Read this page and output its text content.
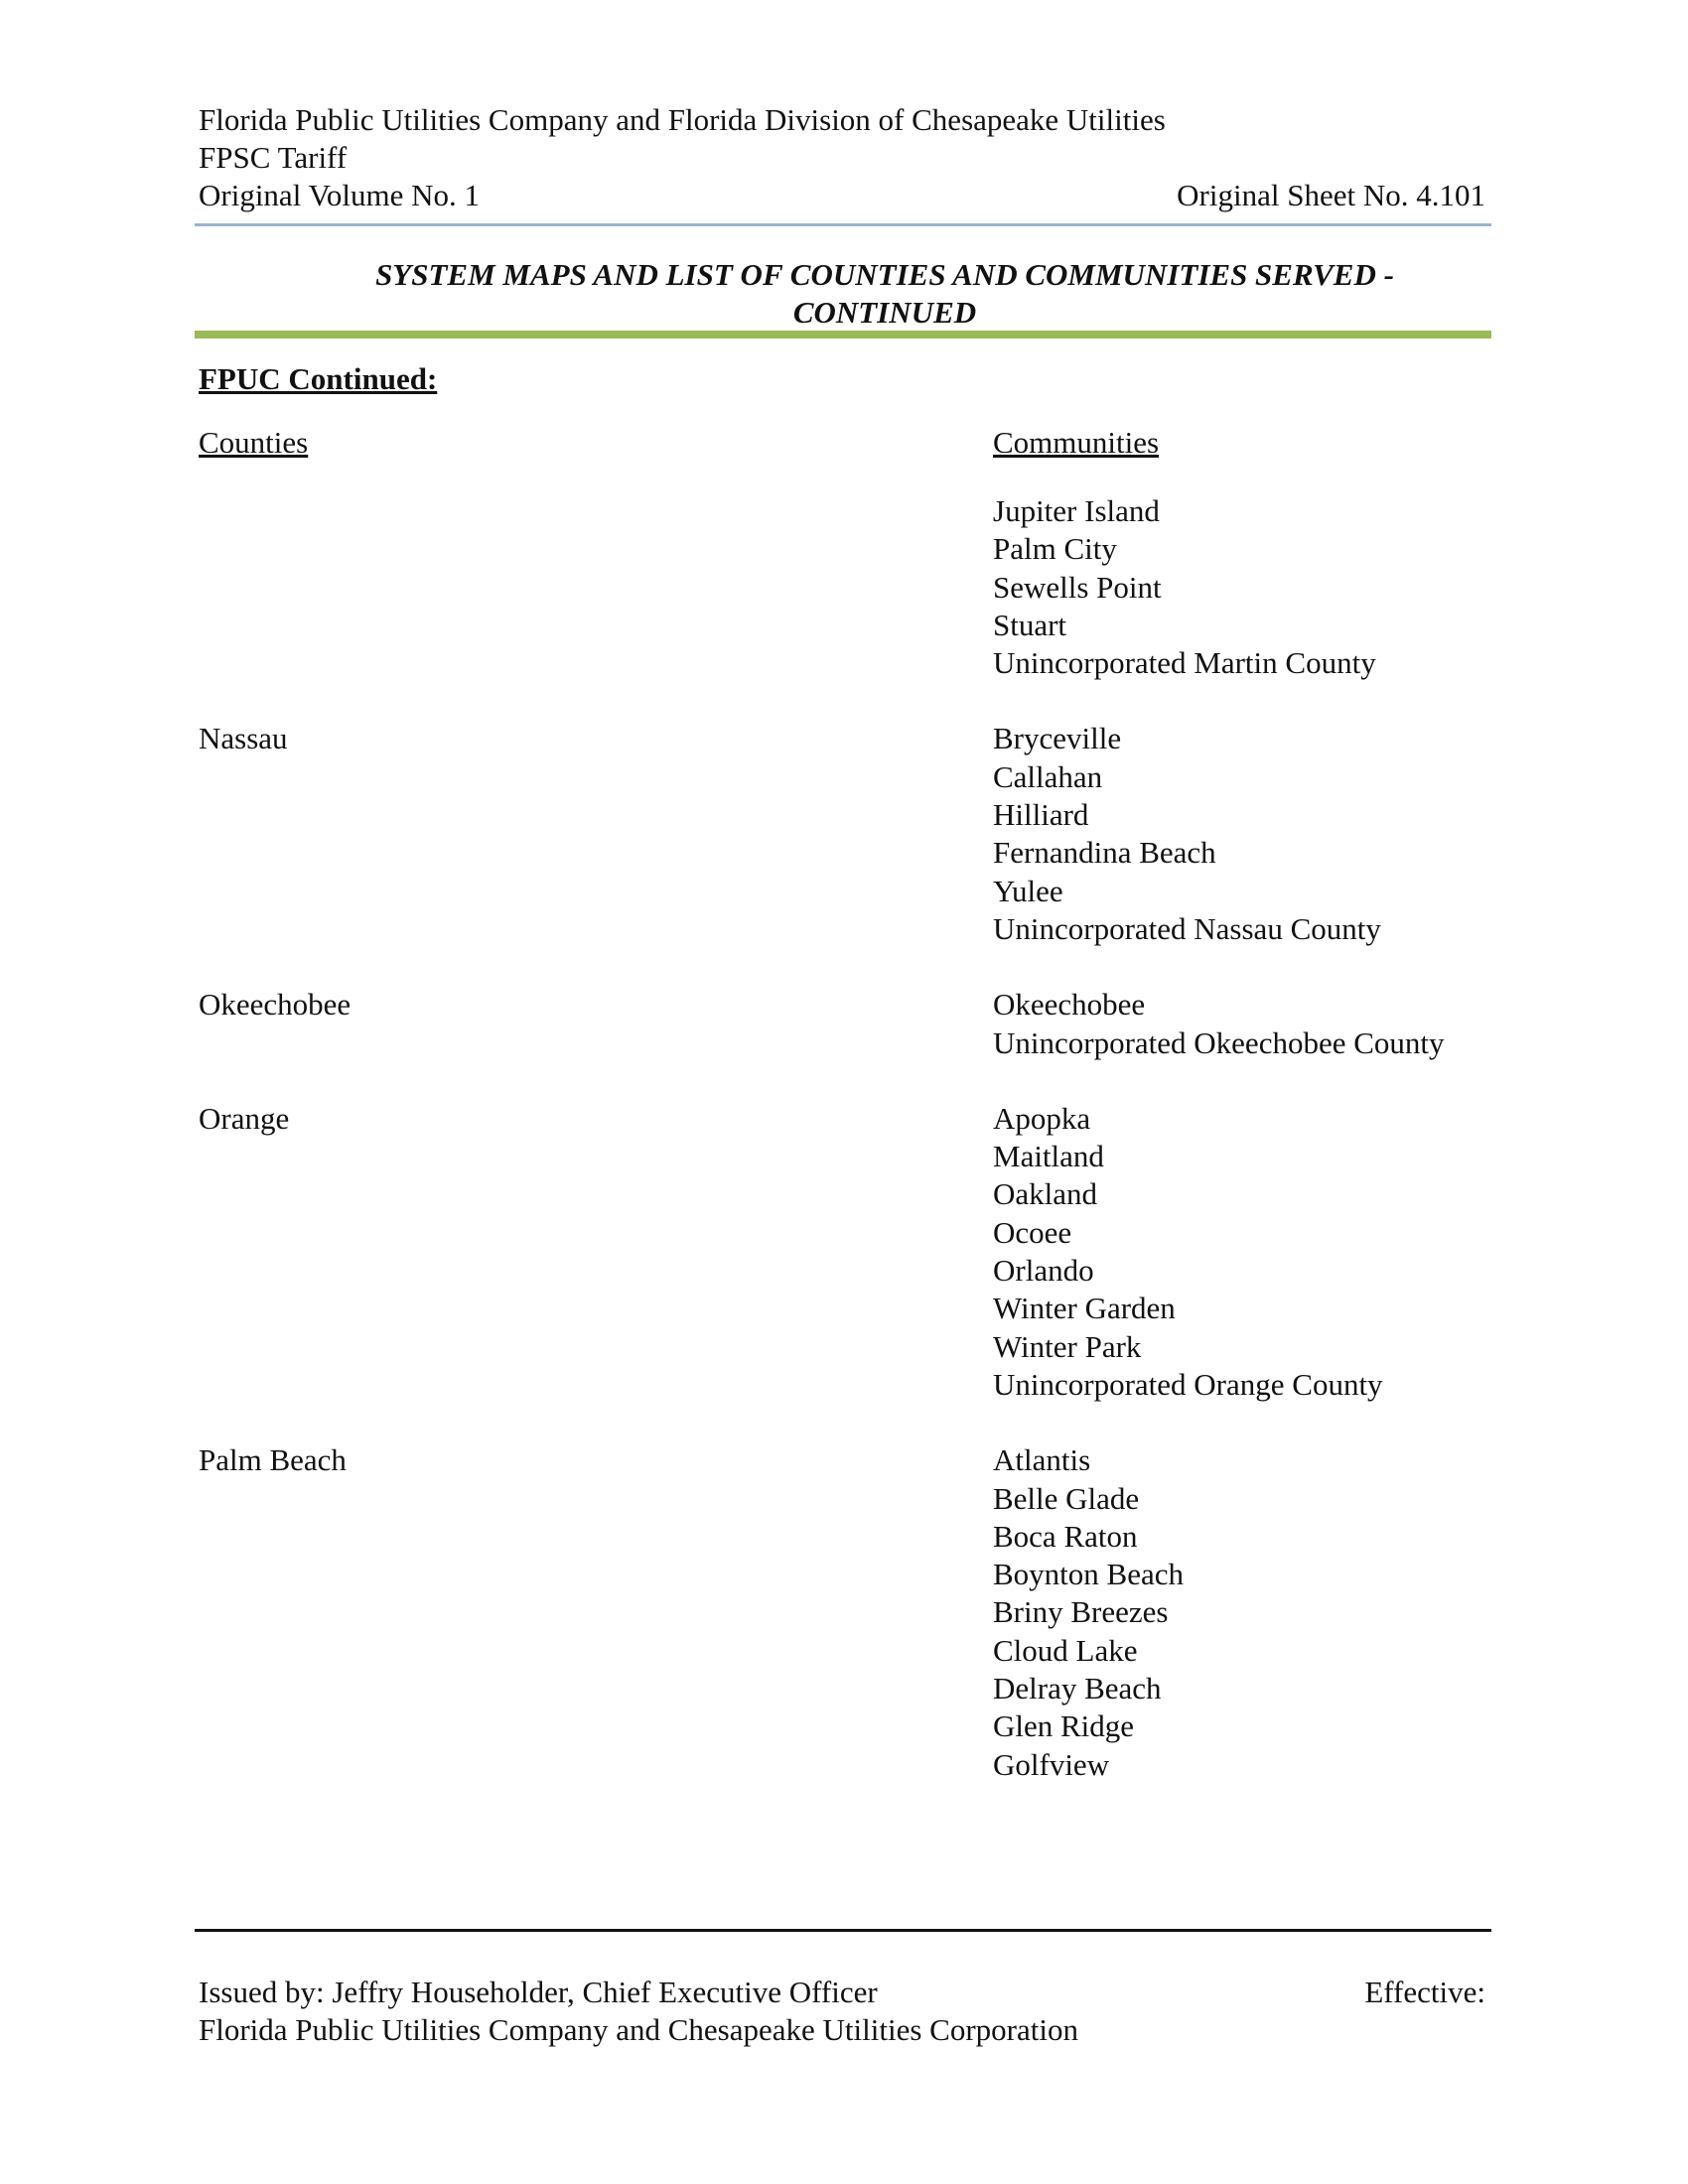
Florida Public Utilities Company and Florida Division of Chesapeake Utilities
FPSC Tariff
Original Volume No. 1	Original Sheet No. 4.101
SYSTEM MAPS AND LIST OF COUNTIES AND COMMUNITIES SERVED -
CONTINUED
FPUC Continued:
Counties	Communities
Jupiter Island
Palm City
Sewells Point
Stuart
Unincorporated Martin County
Nassau	Bryceville
Callahan
Hilliard
Fernandina Beach
Yulee
Unincorporated Nassau County
Okeechobee	Okeechobee
Unincorporated Okeechobee County
Orange	Apopka
Maitland
Oakland
Ocoee
Orlando
Winter Garden
Winter Park
Unincorporated Orange County
Palm Beach	Atlantis
Belle Glade
Boca Raton
Boynton Beach
Briny Breezes
Cloud Lake
Delray Beach
Glen Ridge
Golfview
Issued by: Jeffry Householder, Chief Executive Officer	Effective:
Florida Public Utilities Company and Chesapeake Utilities Corporation
